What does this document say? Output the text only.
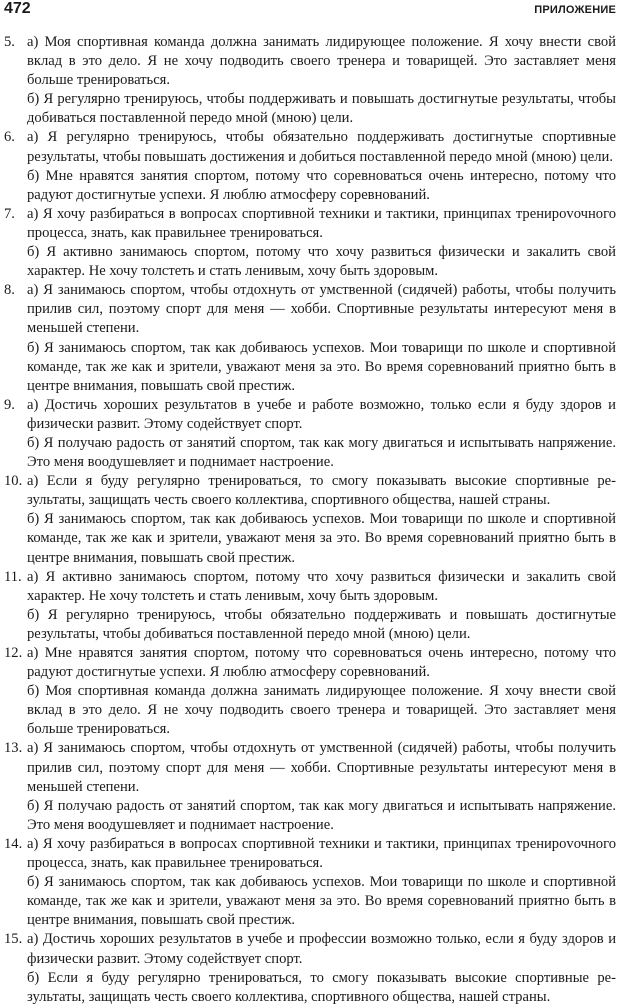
472	ПРИЛОЖЕНИЕ
5. а) Моя спортивная команда должна занимать лидирующее положение. Я хочу внести свой вклад в это дело. Я не хочу подводить своего тренера и товарищей. Это заставляет меня больше тренироваться.
б) Я регулярно тренируюсь, чтобы поддерживать и повышать достигнутые результаты, чтобы добиваться поставленной передо мной (мною) цели.
6. а) Я регулярно тренируюсь, чтобы обязательно поддерживать достигнутые спортивные результаты, чтобы повышать достижения и добиться поставленной передо мной (мною) цели.
б) Мне нравятся занятия спортом, потому что соревноваться очень интересно, потому что радуют достигнутые успехи. Я люблю атмосферу соревнований.
7. а) Я хочу разбираться в вопросах спортивной техники и тактики, принципах тренироvочного процесса, знать, как правильнее тренироваться.
б) Я активно занимаюсь спортом, потому что хочу развиться физически и закалить свой характер. Не хочу толстеть и стать ленивым, хочу быть здоровым.
8. а) Я занимаюсь спортом, чтобы отдохнуть от умственной (сидячей) работы, чтобы получить прилив сил, поэтому спорт для меня — хобби. Спортивные результаты интересуют меня в меньшей степени.
б) Я занимаюсь спортом, так как добиваюсь успехов. Мои товарищи по школе и спортивной команде, так же как и зрители, уважают меня за это. Во время соревнований приятно быть в центре внимания, повышать свой престиж.
9. а) Достичь хороших результатов в учебе и работе возможно, только если я буду здоров и физически развит. Этому содействует спорт.
б) Я получаю радость от занятий спортом, так как могу двигаться и испытывать напряжение. Это меня воодушевляет и поднимает настроение.
10. а) Если я буду регулярно тренироваться, то смогу показывать высокие спортивные результаты, защищать честь своего коллектива, спортивного общества, нашей страны.
б) Я занимаюсь спортом, так как добиваюсь успехов. Мои товарищи по школе и спортивной команде, так же как и зрители, уважают меня за это. Во время соревнований приятно быть в центре внимания, повышать свой престиж.
11. а) Я активно занимаюсь спортом, потому что хочу развиться физически и закалить свой характер. Не хочу толстеть и стать ленивым, хочу быть здоровым.
б) Я регулярно тренируюсь, чтобы обязательно поддерживать и повышать достигнутые результаты, чтобы добиваться поставленной передо мной (мною) цели.
12. а) Мне нравятся занятия спортом, потому что соревноваться очень интересно, потому что радуют достигнутые успехи. Я люблю атмосферу соревнований.
б) Моя спортивная команда должна занимать лидирующее положение. Я хочу внести свой вклад в это дело. Я не хочу подводить своего тренера и товарищей. Это заставляет меня больше тренироваться.
13. а) Я занимаюсь спортом, чтобы отдохнуть от умственной (сидячей) работы, чтобы получить прилив сил, поэтому спорт для меня — хобби. Спортивные результаты интересуют меня в меньшей степени.
б) Я получаю радость от занятий спортом, так как могу двигаться и испытывать напряжение. Это меня воодушевляет и поднимает настроение.
14. а) Я хочу разбираться в вопросах спортивной техники и тактики, принципах тренироvочного процесса, знать, как правильнее тренироваться.
б) Я занимаюсь спортом, так как добиваюсь успехов. Мои товарищи по школе и спортивной команде, так же как и зрители, уважают меня за это. Во время соревнований приятно быть в центре внимания, повышать свой престиж.
15. а) Достичь хороших результатов в учебе и профессии возможно только, если я буду здоров и физически развит. Этому содействует спорт.
б) Если я буду регулярно тренироваться, то смогу показывать высокие спортивные результаты, защищать честь своего коллектива, спортивного общества, нашей страны.
